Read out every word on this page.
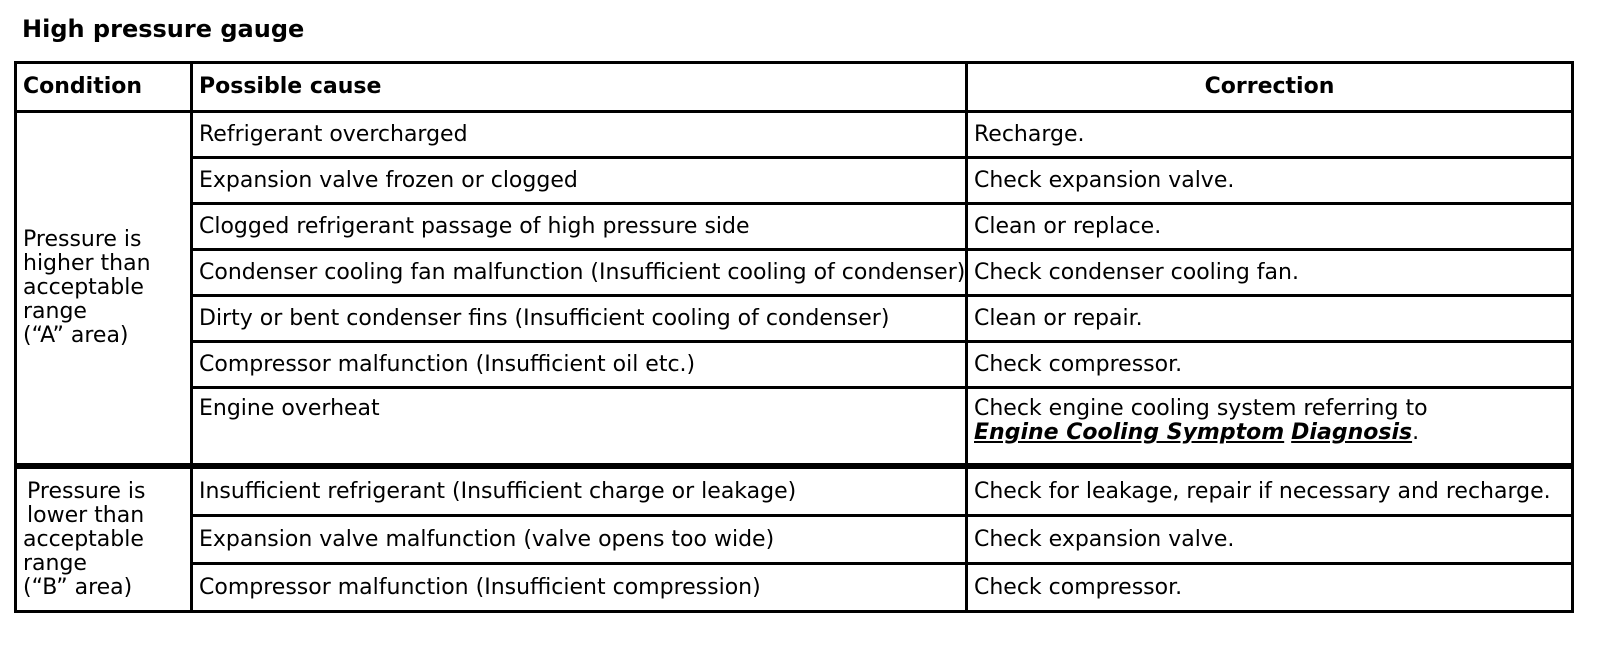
High pressure gauge
Condition	Possible cause	Correction

Pressure is
higher than
acceptable
range
(“A” area)	Refrigerant overcharged	Recharge.
	Expansion valve frozen or clogged	Check expansion valve.
	Clogged refrigerant passage of high pressure side	Clean or replace.
	Condenser cooling fan malfunction (Insufficient cooling of condenser)	Check condenser cooling fan.
	Dirty or bent condenser fins (Insufficient cooling of condenser)	Clean or repair.
	Compressor malfunction (Insufficient oil etc.)	Check compressor.
	Engine overheat	Check engine cooling system referring to
Engine Cooling Symptom Diagnosis.

Pressure is
lower than
acceptable
range
(“B” area)	Insufficient refrigerant (Insufficient charge or leakage)	Check for leakage, repair if necessary and recharge.
	Expansion valve malfunction (valve opens too wide)	Check expansion valve.
	Compressor malfunction (Insufficient compression)	Check compressor.
